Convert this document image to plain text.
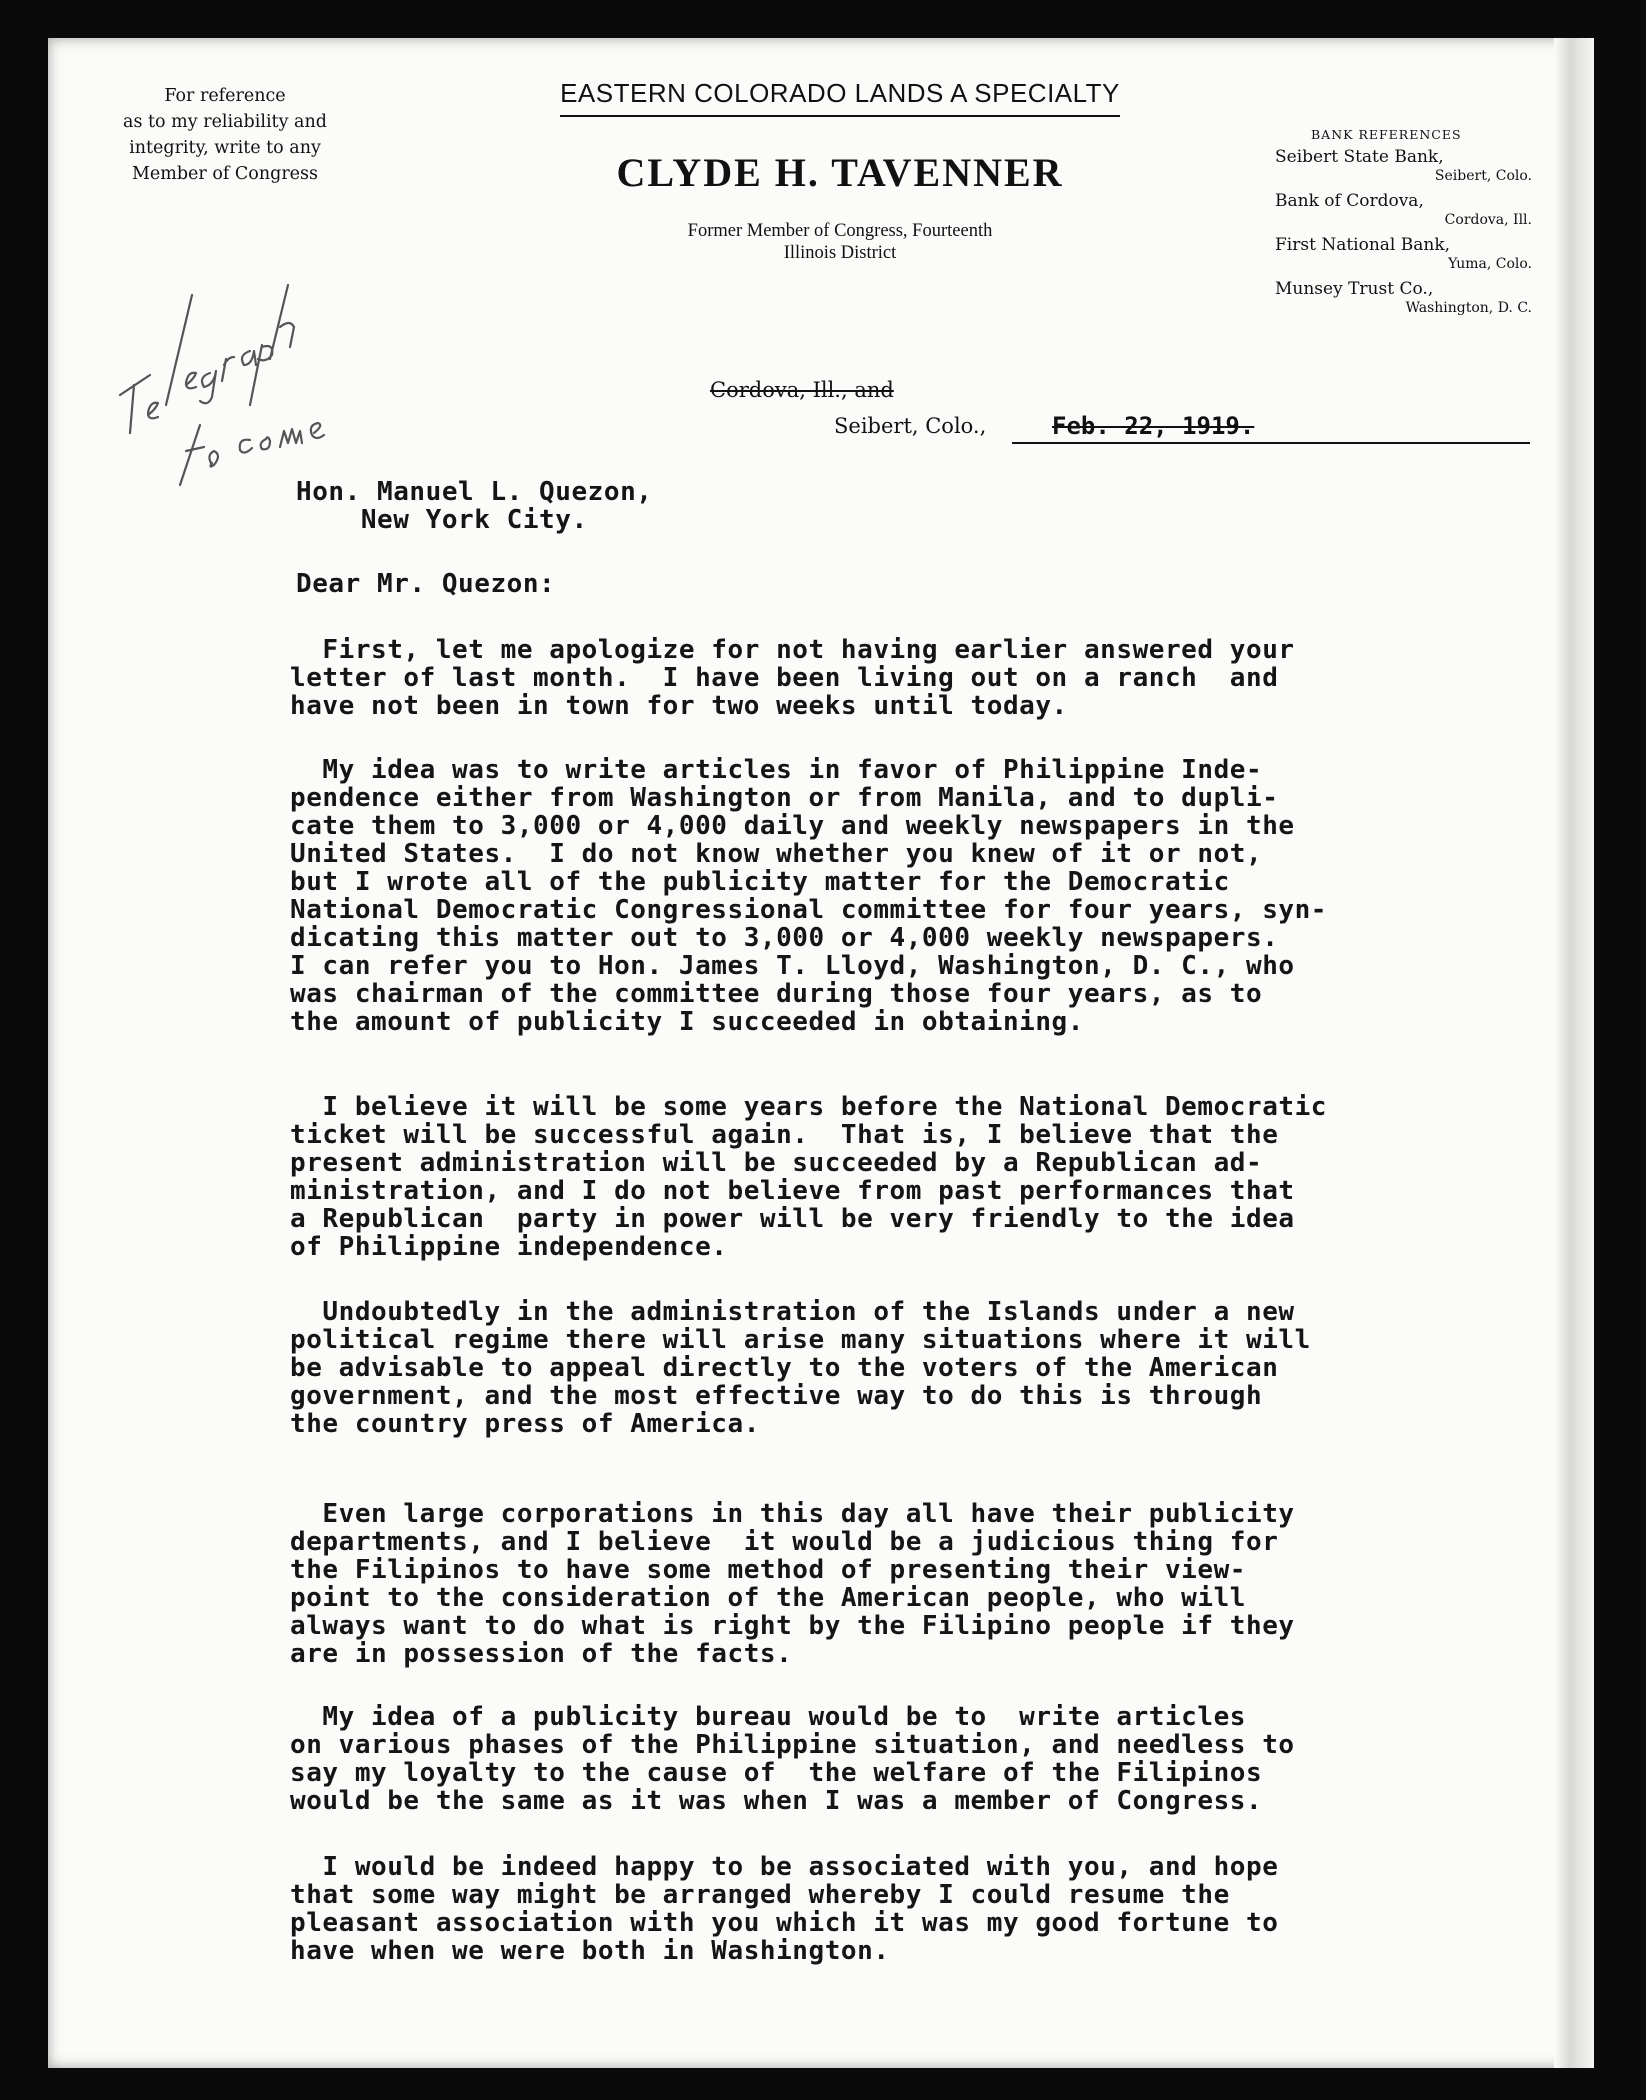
For reference
as to my reliability and
integrity, write to any
Member of Congress
EASTERN COLORADO LANDS A SPECIALTY
CLYDE H. TAVENNER
Former Member of Congress, Fourteenth
Illinois District
BANK REFERENCES
Seibert State Bank,
Seibert, Colo.
Bank of Cordova,
Cordova, Ill.
First National Bank,
Yuma, Colo.
Munsey Trust Co.,
Washington, D. C.
Cordova, Ill., and
Seibert, Colo.,	Feb. 22, 1919.
Hon. Manuel L. Quezon,
New York City.
Dear Mr. Quezon:
First, let me apologize for not having earlier answered your
letter of last month.  I have been living out on a ranch  and
have not been in town for two weeks until today.
My idea was to write articles in favor of Philippine Inde-
pendence either from Washington or from Manila, and to dupli-
cate them to 3,000 or 4,000 daily and weekly newspapers in the
United States.  I do not know whether you knew of it or not,
but I wrote all of the publicity matter for the Democratic
National Democratic Congressional committee for four years, syn-
dicating this matter out to 3,000 or 4,000 weekly newspapers.
I can refer you to Hon. James T. Lloyd, Washington, D. C., who
was chairman of the committee during those four years, as to
the amount of publicity I succeeded in obtaining.
I believe it will be some years before the National Democratic
ticket will be successful again.  That is, I believe that the
present administration will be succeeded by a Republican ad-
ministration, and I do not believe from past performances that
a Republican  party in power will be very friendly to the idea
of Philippine independence.
Undoubtedly in the administration of the Islands under a new
political regime there will arise many situations where it will
be advisable to appeal directly to the voters of the American
government, and the most effective way to do this is through
the country press of America.
Even large corporations in this day all have their publicity
departments, and I believe  it would be a judicious thing for
the Filipinos to have some method of presenting their view-
point to the consideration of the American people, who will
always want to do what is right by the Filipino people if they
are in possession of the facts.
My idea of a publicity bureau would be to  write articles
on various phases of the Philippine situation, and needless to
say my loyalty to the cause of  the welfare of the Filipinos
would be the same as it was when I was a member of Congress.
I would be indeed happy to be associated with you, and hope
that some way might be arranged whereby I could resume the
pleasant association with you which it was my good fortune to
have when we were both in Washington.
